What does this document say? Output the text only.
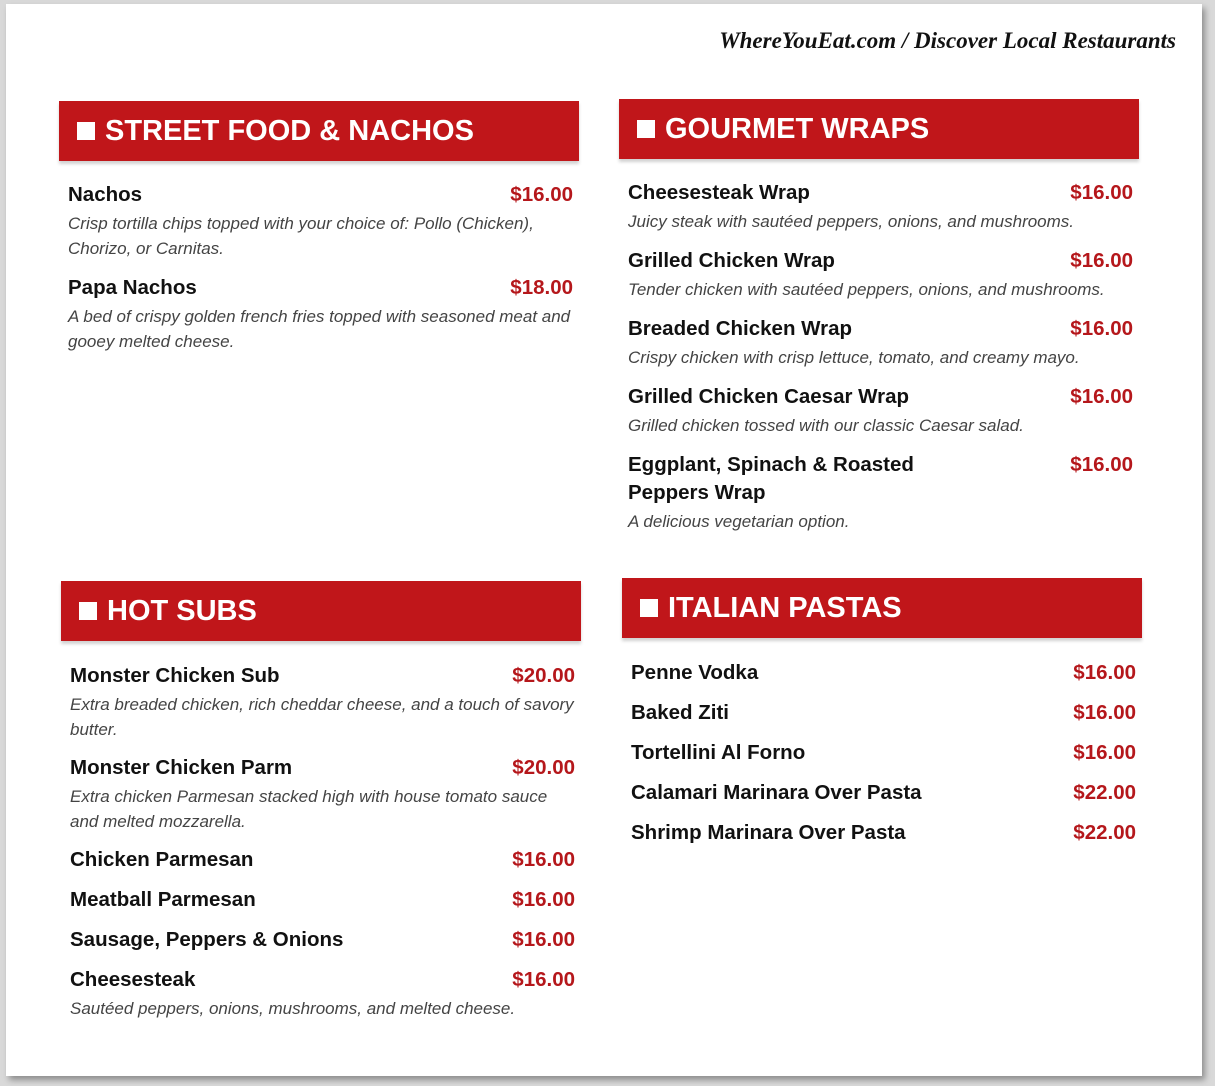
WhereYouEat.com / Discover Local Restaurants
STREET FOOD & NACHOS
Nachos	$16.00
Crisp tortilla chips topped with your choice of: Pollo (Chicken), Chorizo, or Carnitas.
Papa Nachos	$18.00
A bed of crispy golden french fries topped with seasoned meat and gooey melted cheese.
GOURMET WRAPS
Cheesesteak Wrap	$16.00
Juicy steak with sautéed peppers, onions, and mushrooms.
Grilled Chicken Wrap	$16.00
Tender chicken with sautéed peppers, onions, and mushrooms.
Breaded Chicken Wrap	$16.00
Crispy chicken with crisp lettuce, tomato, and creamy mayo.
Grilled Chicken Caesar Wrap	$16.00
Grilled chicken tossed with our classic Caesar salad.
Eggplant, Spinach & Roasted Peppers Wrap
$16.00
A delicious vegetarian option.
HOT SUBS
Monster Chicken Sub	$20.00
Extra breaded chicken, rich cheddar cheese, and a touch of savory butter.
Monster Chicken Parm	$20.00
Extra chicken Parmesan stacked high with house tomato sauce and melted mozzarella.
Chicken Parmesan	$16.00
Meatball Parmesan	$16.00
Sausage, Peppers & Onions	$16.00
Cheesesteak	$16.00
Sautéed peppers, onions, mushrooms, and melted cheese.
ITALIAN PASTAS
Penne Vodka	$16.00
Baked Ziti	$16.00
Tortellini Al Forno	$16.00
Calamari Marinara Over Pasta	$22.00
Shrimp Marinara Over Pasta	$22.00
